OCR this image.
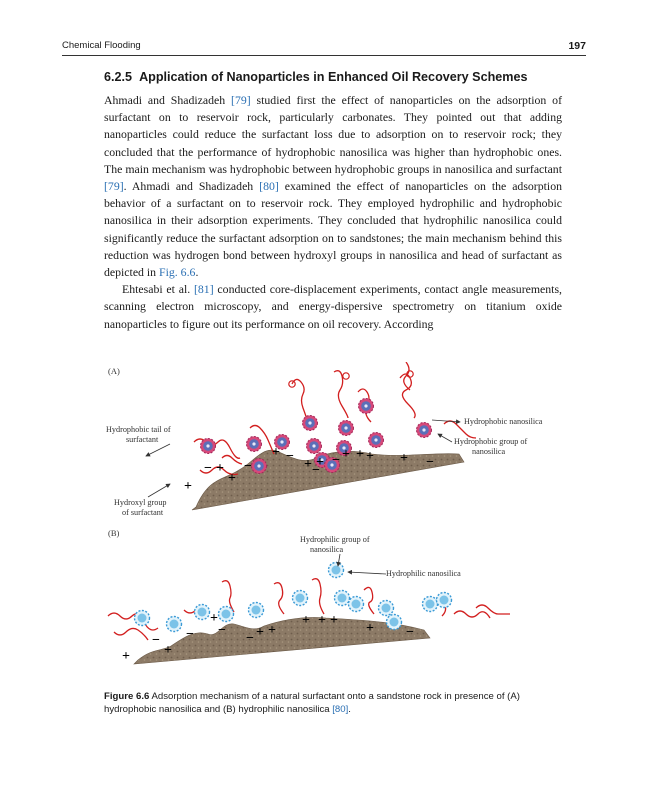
Chemical Flooding	197
6.2.5 Application of Nanoparticles in Enhanced Oil Recovery Schemes

Ahmadi and Shadizadeh [79] studied first the effect of nanoparticles on the adsorption of surfactant on to reservoir rock, particularly carbonates. They pointed out that adding nanoparticles could reduce the surfactant loss due to adsorption on to reservoir rock; they concluded that the performance of hydrophobic nanosilica was higher than hydrophobic ones. The main mechanism was hydrophobic between hydrophobic groups in nanosilica and surfactant [79]. Ahmadi and Shadizadeh [80] examined the effect of nanoparticles on the adsorption behavior of a surfactant on to reservoir rock. They employed hydrophilic and hydrophobic nanosilica in their adsorption experiments. They concluded that hydrophilic nanosilica could significantly reduce the surfactant adsorption on to sandstones; the main mechanism behind this reduction was hydrogen bond between hydroxyl groups in nanosilica and head of surfactant as depicted in Fig. 6.6.

Ehtesabi et al. [81] conducted core-displacement experiments, contact angle measurements, scanning electron microscopy, and energy-dispersive spectrometry on titanium oxide nanoparticles to figure out its performance on oil recovery. According

(A)
+
− +
+
−
+ −
+ −
+ − + + + + −
Hydrophobic tail of
surfactant
Hydroxyl group
of surfactant
Hydrophobic nanosilica
Hydrophobic group of
nanosilica
(B)
+
−
+
−
+
−
− + +
+ + +
+ −
Hydrophilic group of
nanosilica
Hydrophilic nanosilica
Figure 6.6 Adsorption mechanism of a natural surfactant onto a sandstone rock in presence of (A) hydrophobic nanosilica and (B) hydrophilic nanosilica [80].
